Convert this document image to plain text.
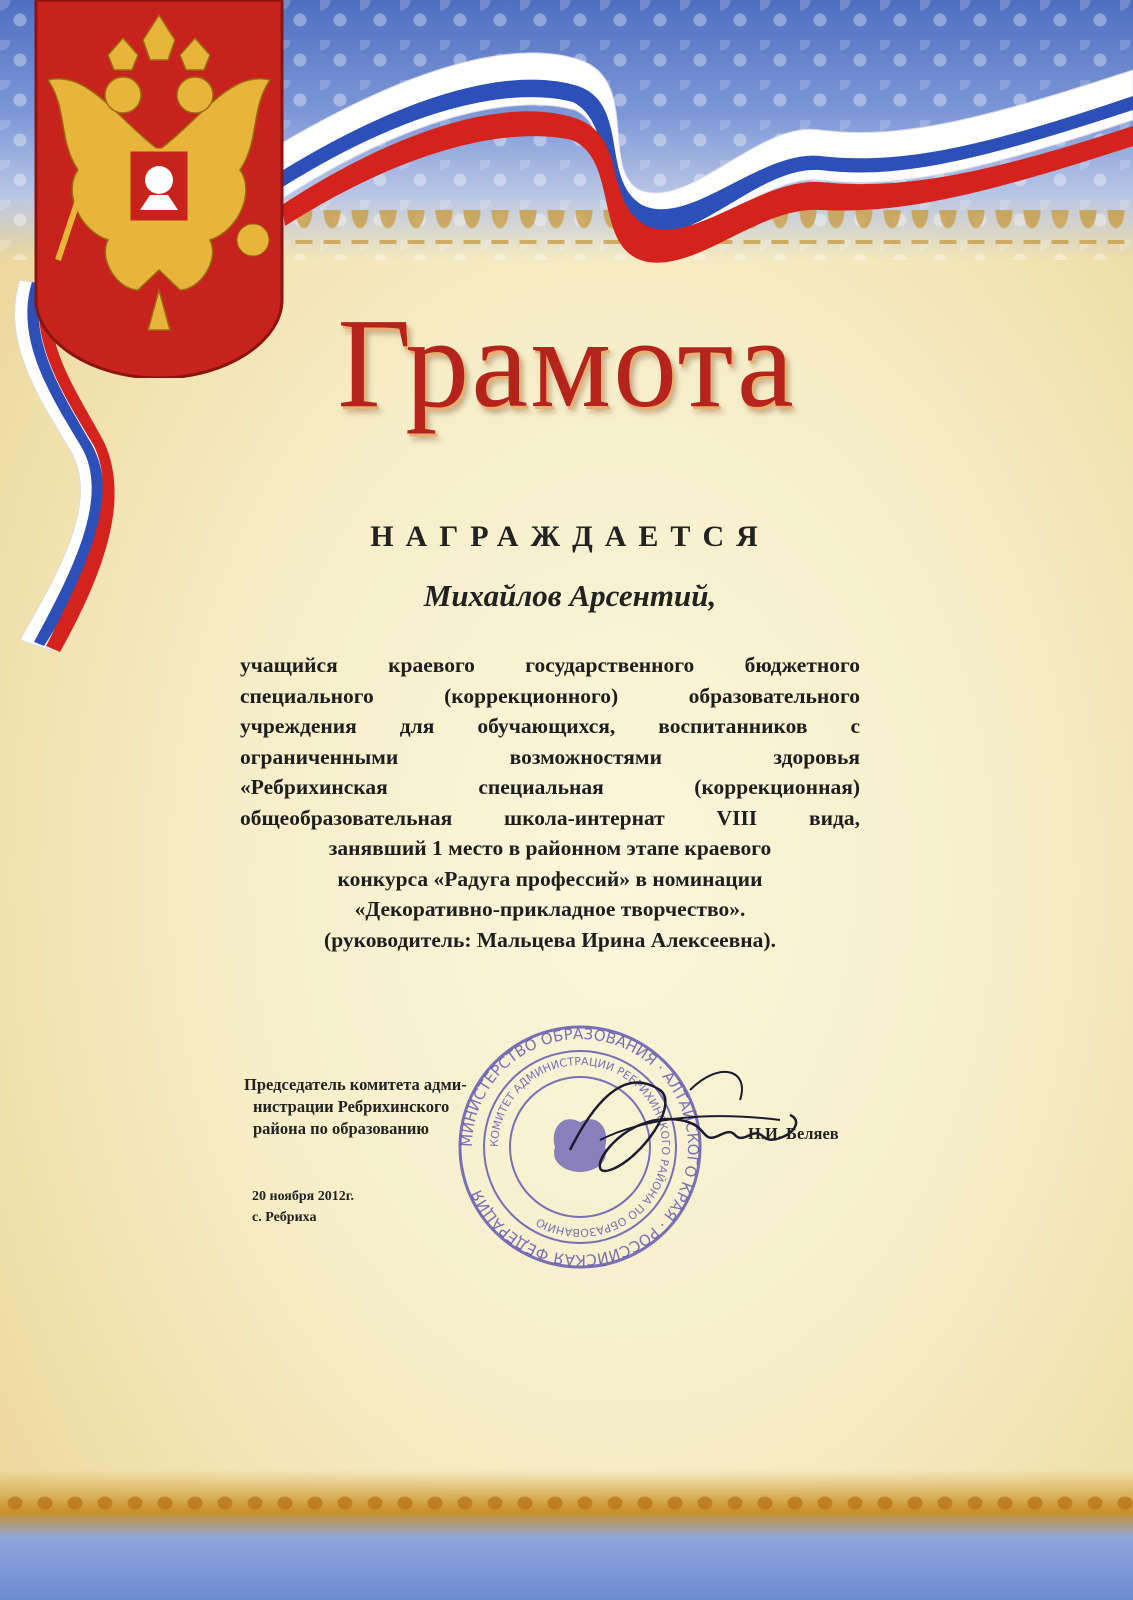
Грамота
НАГРАЖДАЕТСЯ
Михайлов Арсентий,
учащийся краевого государственного бюджетного
специального (коррекционного) образовательного
учреждения для обучающихся, воспитанников с
ограниченными возможностями здоровья
«Ребрихинская специальная (коррекционная)
общеобразовательная школа-интернат VIII вида,
занявший 1 место в районном этапе краевого
конкурса «Радуга профессий» в номинации
«Декоративно-прикладное творчество».
(руководитель: Мальцева Ирина Алексеевна).
Председатель комитета адми-
нистрации Ребрихинского
района по образованию
МИНИСТЕРСТВО ОБРАЗОВАНИЯ · АЛТАЙСКОГО КРАЯ · РОССИЙСКАЯ ФЕДЕРАЦИЯ
КОМИТЕТ АДМИНИСТРАЦИИ РЕБРИХИНСКОГО РАЙОНА ПО ОБРАЗОВАНИЮ
Н.И. Беляев
20 ноября 2012г.
с. Ребриха
